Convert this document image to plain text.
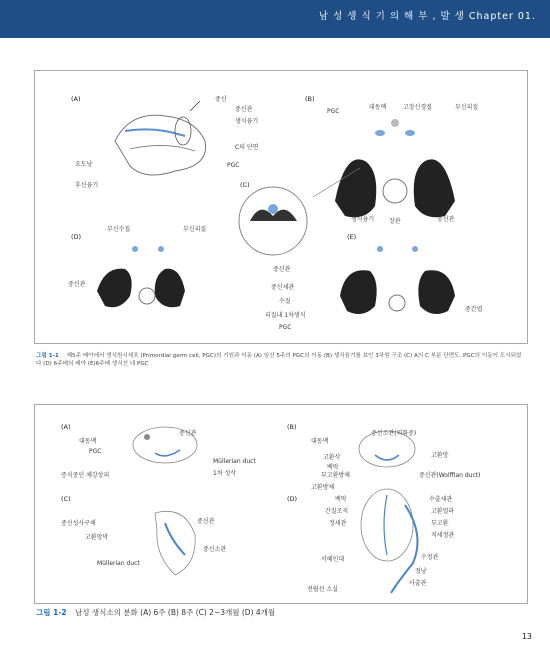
남 성 생 식 기 의 해 부 , 발 생 Chapter 01.
(A)	중신
중신관
생식융기
C의 단면
PGC
요도낭
후신융기
(B)
PGC
대동맥	고장신경절	부신피질
생식융기 장관	중신관
(C)
(D)
부신수질	부신피질
중신관
(E)
중신관
중신세관
수질
피질내 1차생식
PGC
중간엽
그림 1-1 제5주 배아에서 생식원시세포 (Primordial germ cell, PGC)의 기원과 이동 (A) 임신 5주의 PGC의 이동 (B) 생식융기를 보인 3차원 구조 (C) A의 C 부분 단면도. PGC의 이동이 도시되었다 (D) 6주배의 배아 (E)6주배 생식선 내 PGC
(A)
대동맥
PGC
중신관
Müllerian duct
1차 성삭
증식중인 체강상피
(B)
대동맥
중신소관(퇴화중)
고환삭	고환망
백막
(C)
중신성사구체
고환망막
중신관
중신소관
Müllerian duct
(D)
부고환방체
고환방체
백막
간질조직
정세관
서혜인대
전립선 소실
중신관(Wolffian duct)
수출세관
고환얼라
부고환
직세정관
수정관
정낭
사출관
그림 1-2 남성 생식소의 분화 (A) 6주 (B) 8주 (C) 2~3개월 (D) 4개월
13
